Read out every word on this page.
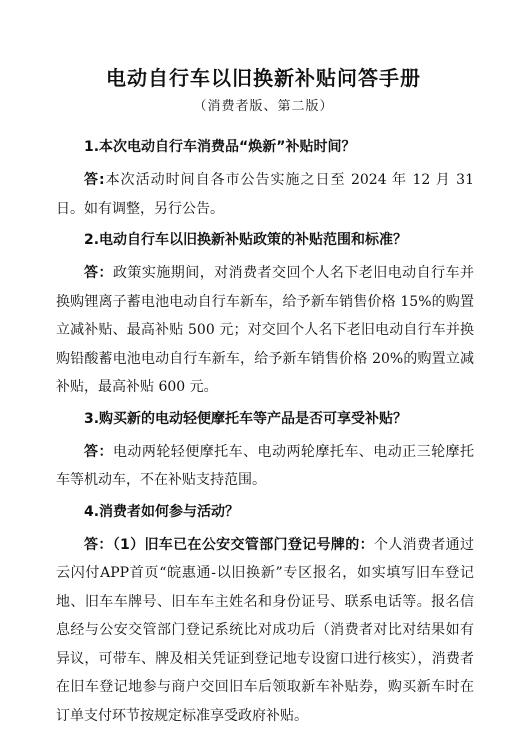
电动自行车以旧换新补贴问答手册
（消费者版、第二版）
1.本次电动自行车消费品“焕新”补贴时间？

答:本次活动时间自各市公告实施之日至 2024 年 12 月 31 日。如有调整，另行公告。

2.电动自行车以旧换新补贴政策的补贴范围和标准？

答：政策实施期间，对消费者交回个人名下老旧电动自行车并换购锂离子蓄电池电动自行车新车，给予新车销售价格 15%的购置立减补贴、最高补贴 500 元；对交回个人名下老旧电动自行车并换购铅酸蓄电池电动自行车新车，给予新车销售价格 20%的购置立减补贴，最高补贴 600 元。

3.购买新的电动轻便摩托车等产品是否可享受补贴？

答：电动两轮轻便摩托车、电动两轮摩托车、电动正三轮摩托车等机动车，不在补贴支持范围。

4.消费者如何参与活动？

答：（1）旧车已在公安交管部门登记号牌的：个人消费者通过云闪付APP首页“皖惠通-以旧换新”专区报名，如实填写旧车登记地、旧车车牌号、旧车车主姓名和身份证号、联系电话等。报名信息经与公安交管部门登记系统比对成功后（消费者对比对结果如有异议，可带车、牌及相关凭证到登记地专设窗口进行核实），消费者在旧车登记地参与商户交回旧车后领取新车补贴券，购买新车时在订单支付环节按规定标准享受政府补贴。
